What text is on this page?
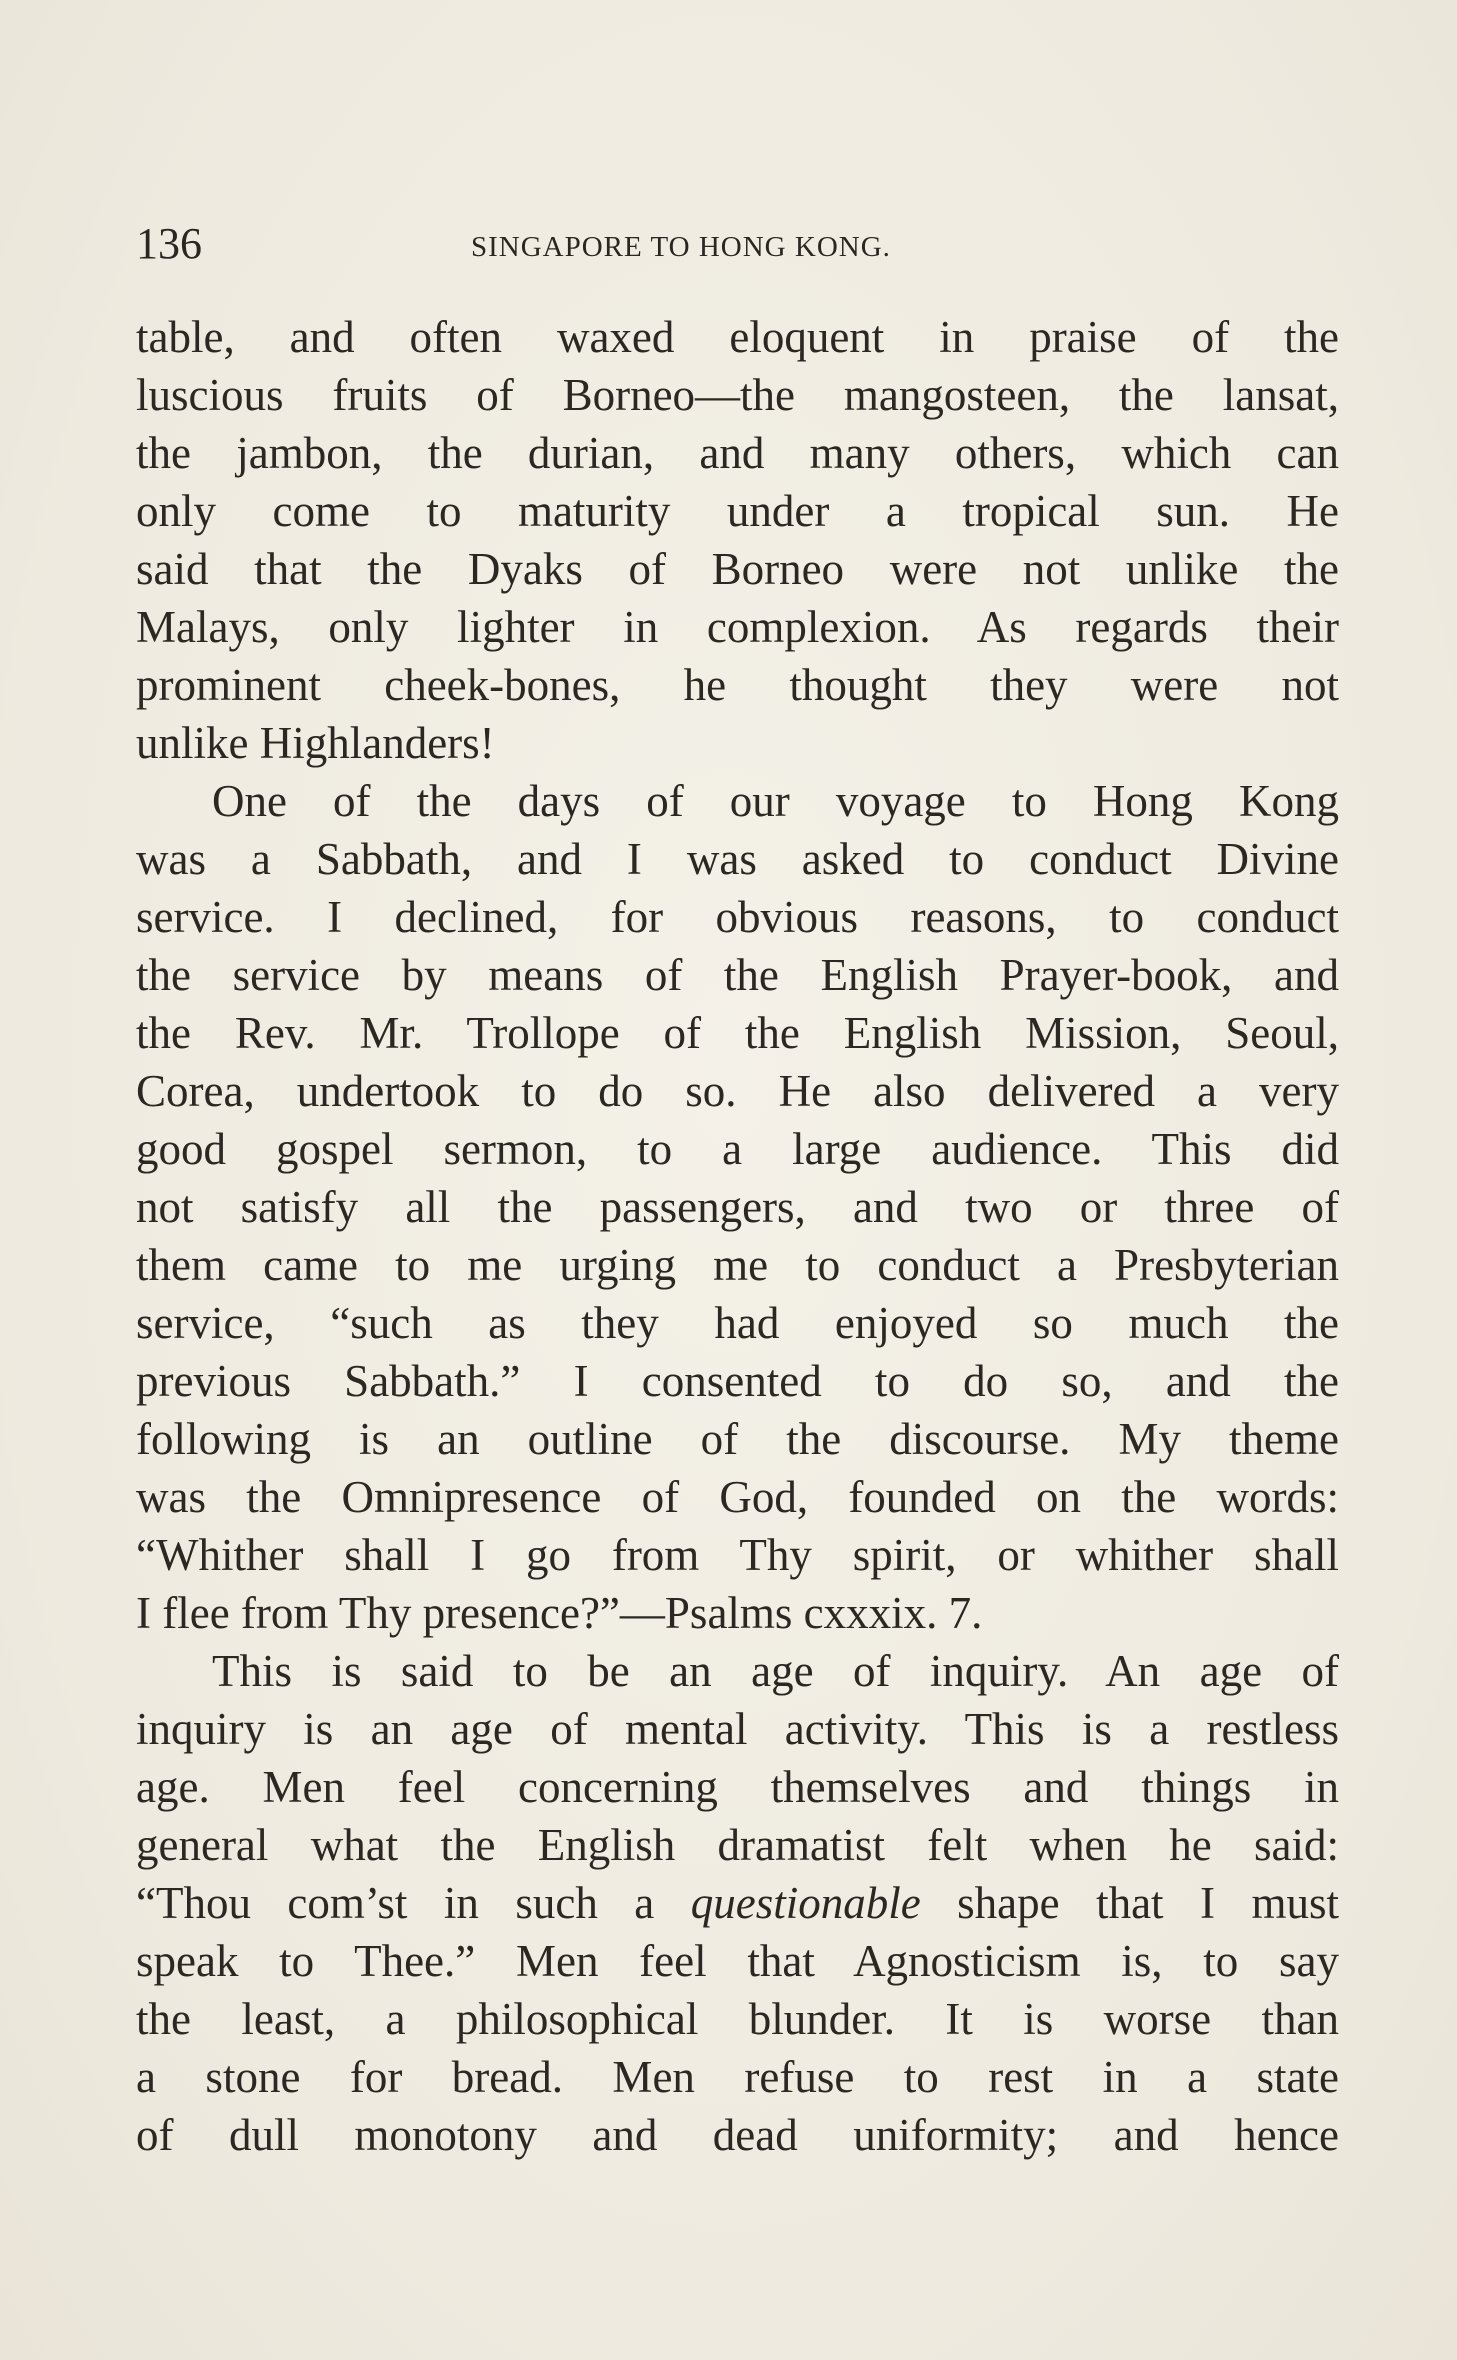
136	SINGAPORE TO HONG KONG.
table, and often waxed eloquent in praise of the
luscious fruits of Borneo—the mangosteen, the lansat,
the jambon, the durian, and many others, which can
only come to maturity under a tropical sun. He
said that the Dyaks of Borneo were not unlike the
Malays, only lighter in complexion. As regards their
prominent cheek-bones, he thought they were not
unlike Highlanders!
One of the days of our voyage to Hong Kong
was a Sabbath, and I was asked to conduct Divine
service. I declined, for obvious reasons, to conduct
the service by means of the English Prayer-book, and
the Rev. Mr. Trollope of the English Mission, Seoul,
Corea, undertook to do so. He also delivered a very
good gospel sermon, to a large audience. This did
not satisfy all the passengers, and two or three of
them came to me urging me to conduct a Presbyterian
service, “such as they had enjoyed so much the
previous Sabbath.” I consented to do so, and the
following is an outline of the discourse. My theme
was the Omnipresence of God, founded on the words:
“Whither shall I go from Thy spirit, or whither shall
I flee from Thy presence?”—Psalms cxxxix. 7.
This is said to be an age of inquiry. An age of
inquiry is an age of mental activity. This is a restless
age. Men feel concerning themselves and things in
general what the English dramatist felt when he said:
“Thou com’st in such a questionable shape that I must
speak to Thee.” Men feel that Agnosticism is, to say
the least, a philosophical blunder. It is worse than
a stone for bread. Men refuse to rest in a state
of dull monotony and dead uniformity; and hence
